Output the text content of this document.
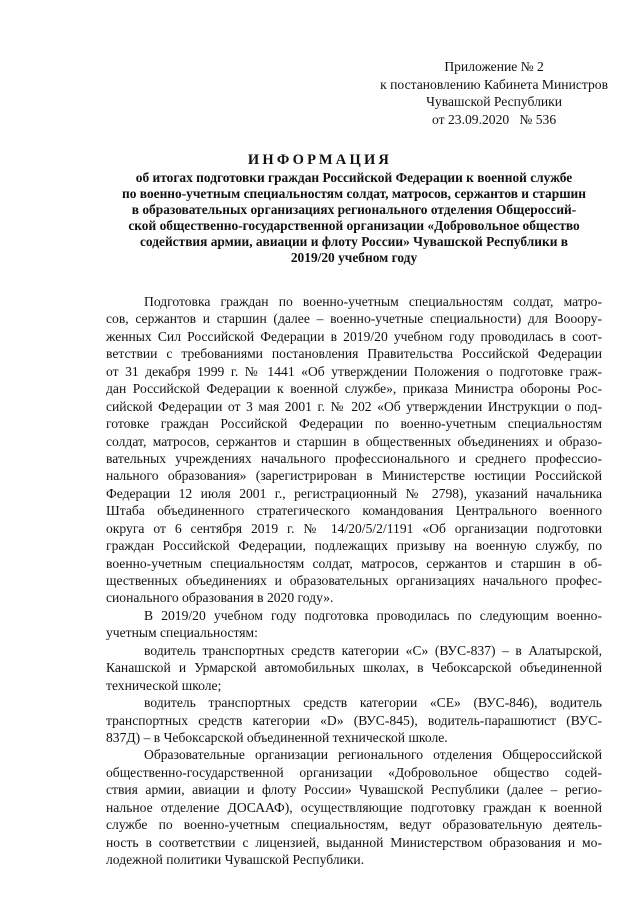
Приложение № 2
к постановлению Кабинета Министров
Чувашской Республики
от 23.09.2020   № 536
ИНФОРМАЦИЯ
об итогах подготовки граждан Российской Федерации к военной службе
по военно-учетным специальностям солдат, матросов, сержантов и старшин
в образовательных организациях регионального отделения Общероссий-
ской общественно-государственной организации «Добровольное общество
содействия армии, авиации и флоту России» Чувашской Республики в
2019/20 учебном году
Подготовка граждан по военно-учетным специальностям солдат, матро-
сов, сержантов и старшин (далее – военно-учетные специальности) для Вооору-
женных Сил Российской Федерации в 2019/20 учебном году проводилась в соот-
ветствии с требованиями постановления Правительства Российской Федерации
от 31 декабря 1999 г. № 1441 «Об утверждении Положения о подготовке граж-
дан Российской Федерации к военной службе», приказа Министра обороны Рос-
сийской Федерации от 3 мая 2001 г. № 202 «Об утверждении Инструкции о под-
готовке граждан Российской Федерации по военно-учетным специальностям
солдат, матросов, сержантов и старшин в общественных объединениях и образо-
вательных учреждениях начального профессионального и среднего профессио-
нального образования» (зарегистрирован в Министерстве юстиции Российской
Федерации 12 июля 2001 г., регистрационный № 2798), указаний начальника
Штаба объединенного стратегического командования Центрального военного
округа от 6 сентября 2019 г. № 14/20/5/2/1191 «Об организации подготовки
граждан Российской Федерации, подлежащих призыву на военную службу, по
военно-учетным специальностям солдат, матросов, сержантов и старшин в об-
щественных объединениях и образовательных организациях начального профес-
сионального образования в 2020 году».
В 2019/20 учебном году подготовка проводилась по следующим военно-
учетным специальностям:
водитель транспортных средств категории «С» (ВУС-837) – в Алатырской,
Канашской и Урмарской автомобильных школах, в Чебоксарской объединенной
технической школе;
водитель транспортных средств категории «СЕ» (ВУС-846), водитель
транспортных средств категории «D» (ВУС-845), водитель-парашютист (ВУС-
837Д) – в Чебоксарской объединенной технической школе.
Образовательные организации регионального отделения Общероссийской
общественно-государственной организации «Добровольное общество содей-
ствия армии, авиации и флоту России» Чувашской Республики (далее – регио-
нальное отделение ДОСААФ), осуществляющие подготовку граждан к военной
службе по военно-учетным специальностям, ведут образовательную деятель-
ность в соответствии с лицензией, выданной Министерством образования и мо-
лодежной политики Чувашской Республики.
